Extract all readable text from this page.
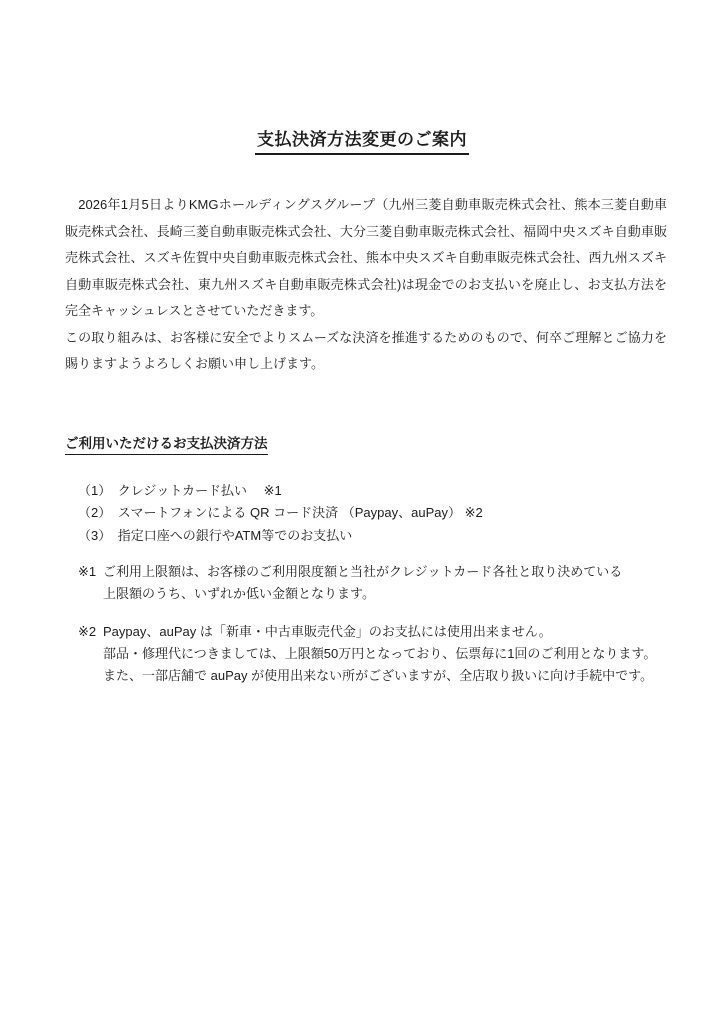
支払決済方法変更のご案内
　2026年1月5日よりKMGホールディングスグループ（九州三菱自動車販売株式会社、熊本三菱自動車販売株式会社、長崎三菱自動車販売株式会社、大分三菱自動車販売株式会社、福岡中央スズキ自動車販売株式会社、スズキ佐賀中央自動車販売株式会社、熊本中央スズキ自動車販売株式会社、西九州スズキ自動車販売株式会社、東九州スズキ自動車販売株式会社)は現金でのお支払いを廃止し、お支払方法を完全キャッシュレスとさせていただきます。
この取り組みは、お客様に安全でよりスムーズな決済を推進するためのもので、何卒ご理解とご協力を賜りますようよろしくお願い申し上げます。
ご利用いただけるお支払決済方法
（1）　クレジットカード払い　 ※1
（2）　スマートフォンによる QR コード決済 （Paypay、auPay） ※2
（3）　指定口座への銀行やATM等でのお支払い
※1 ご利用上限額は、お客様のご利用限度額と当社がクレジットカード各社と取り決めている
上限額のうち、いずれか低い金額となります。
※2 Paypay、auPay は「新車・中古車販売代金」のお支払には使用出来ません。
部品・修理代につきましては、上限額50万円となっており、伝票毎に1回のご利用となります。
また、一部店舗で auPay が使用出来ない所がございますが、全店取り扱いに向け手続中です。
